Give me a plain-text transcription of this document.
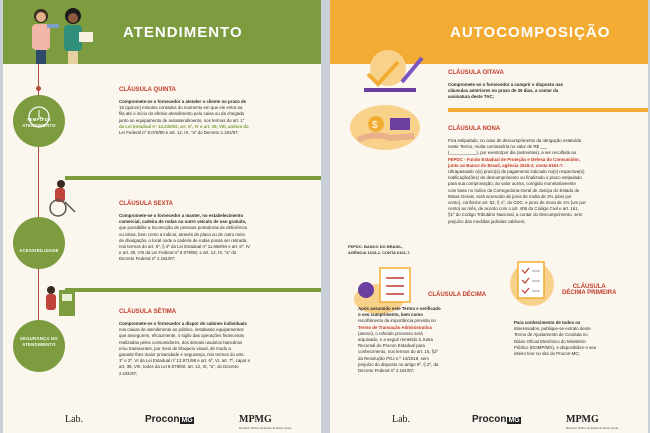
ATENDIMENTO
TEMPO DE
ATENDIMENTO
CLÁUSULA QUINTA
Compromete-se o fornecedor a atender o cliente no prazo de
15 (quinze) minutos contados do momento em que ele entra na
fila até o início do efetivo atendimento pelo caixa ou da chegada
junto ao equipamento de autoatendimento, nos termos do art. 1°
da Lei Estadual n° 14.235/02, art. 6º, IV e art. 39, VIII, ambos da
Lei Federal nº 8.078/90 e art. 12, IX, "a" do Decreto 2.181/97;
ACESSIBILIDADE
CLÁUSULA SEXTA
Compromete-se o fornecedor a manter, no estabelecimento
comercial, cadeira de rodas ou outro veículo de uso gratuito,
que possibilite a locomoção de pessoas portadoras de deficiência
ou idosa, bem como a indicar, através de placa ou de outro meio
de divulgação, o local onde a cadeira de rodas possa ser retirada,
nos termos do art. 5º, § 4º da Lei Estadual nº 11.666/94 e art. 6º, IV
e art. 39, VIII da Lei Federal nº 8.078/90; e art. 12, IX, "a" do
Decreto Federal nº 2.181/97;
SEGURANÇA NO
ATENDIMENTO
CLÁUSULA SÉTIMA
Compromete-se o fornecedor a dispor de cabines individuais
nos caixas de atendimento ao público, instalando equipamentos
que assegurem, eficazmente, o sigilo das operações financeiras
realizadas pelos consumidores, dos demais usuários bancários
e/ou transeuntes, por meio de bloqueio visual, de modo a
garantir-lhes maior privacidade e segurança, nos termos do arts.
1º e 2º, VI da Lei Estadual nº 12.971/98 e art. 6º, VI, art. 7º, caput e
art. 39, VIII, todos da Lei 8.078/90; art. 12, IX, "a", do Decreto
2.181/97;
Lab.	Procon MG	MPMG
Ministério Público do Estado de Minas Gerais
AUTOCOMPOSIÇÃO
CLÁUSULA OITAVA
Compromete-se o fornecedor a cumprir o disposto nas
cláusulas anteriores no prazo de 30 dias, a contar da
assinatura deste TAC;
$	CLÁUSULA NONA
Fica estipulado, no caso de descumprimento da obrigação estatuída
neste Termo, multa cominatória no valor de R$ ___
(___________), por evento/por dia (astreintes), a ser recolhida ao
FEPDC - Fundo Estadual de Proteção e Defesa do Consumidor,
junto ao Banco do Brasil, agência 1615-2, conta 6161-7.
Ultrapassado o(s) prazo(s) de pagamento indicado no(s) respectiva(s)
notificação(ões) de descumprimento ou finalizado o prazo estipulado
para sua comprovação, ao valor acima, corrigido monetariamente
com base no índice da Corregedoria-Geral de Justiça do Estado de
Minas Gerais, será acrescido de juros de multa de 2% (dois por
cento), conforme art. 52, § 1º, do CDC, e juros de mora de 1% (um por
cento) ao mês, de acordo com o art. 406 do Código Civil e art. 161,
§1º do Código Tributário Nacional, a contar do descumprimento, sem
prejuízo das medidas judiciais cabíveis;
FEPDC: BANCO DO BRASIL,
AGÊNCIA 1615-2, CONTA 6161-7.
CLÁUSULA DÉCIMA
Após assumido este Termo e verificado
o seu cumprimento, bem como
recolhimento da importância prevista no
Termo de Transação Administrativa
(anexo), o referido processo será
arquivado, e a seguir remetido à Junta
Recursal do Procon Estadual para
conhecimento, nos termos do art. 15, §2º
da Resolução PGJ n.º 14/2019, sem
prejuízo do disposto no artigo 6º, § 2º, da
Decreto Federal nº 2.181/97;
CLÁUSULA
DÉCIMA PRIMEIRA
Para conhecimento de todos os
interessados, publique-se extrato deste
Termo de Ajustamento de Conduta no
Diário Oficial Eletrônico do Ministério
Público (DOMP/MG), e disponibilize-o seu
inteiro teor no site do Procon-MG;
Lab.	Procon MG	MPMG
Ministério Público do Estado de Minas Gerais
